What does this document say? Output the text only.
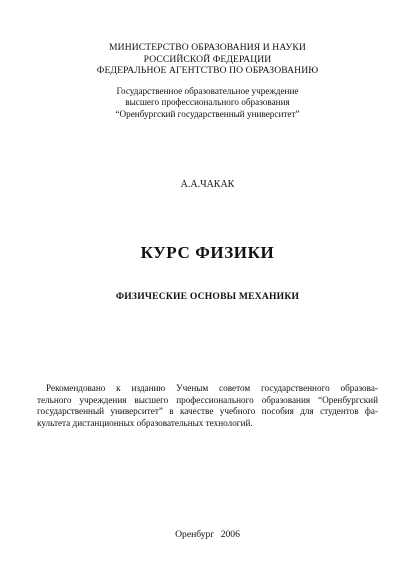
МИНИСТЕРСТВО ОБРАЗОВАНИЯ И НАУКИ
РОССИЙСКОЙ ФЕДЕРАЦИИ
ФЕДЕРАЛЬНОЕ АГЕНТСТВО ПО ОБРАЗОВАНИЮ
Государственное образовательное учреждение
высшего профессионального образования
“Оренбургский государственный университет”
А.А.ЧАКАК
КУРС ФИЗИКИ
ФИЗИЧЕСКИЕ ОСНОВЫ МЕХАНИКИ
Рекомендовано к изданию Ученым советом государственного образова-
тельного учреждения высшего профессионального образования “Оренбургский
государственный университет” в качестве учебного пособия для студентов фа-
культета дистанционных образовательных технологий.
Оренбург 2006
